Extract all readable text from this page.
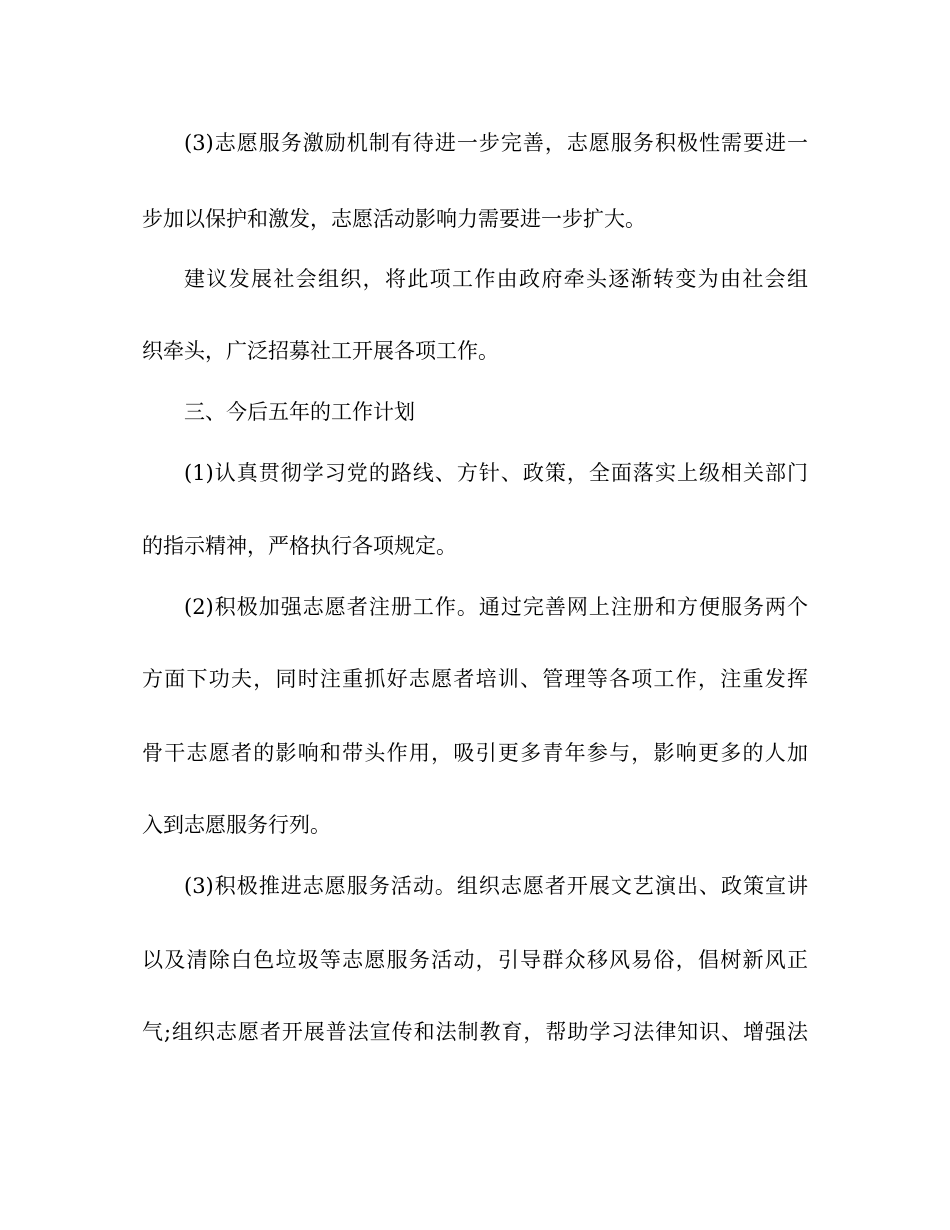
(3)志愿服务激励机制有待进一步完善，志愿服务积极性需要进一
步加以保护和激发，志愿活动影响力需要进一步扩大。
建议发展社会组织，将此项工作由政府牵头逐渐转变为由社会组
织牵头，广泛招募社工开展各项工作。
三、今后五年的工作计划
(1)认真贯彻学习党的路线、方针、政策，全面落实上级相关部门
的指示精神，严格执行各项规定。
(2)积极加强志愿者注册工作。通过完善网上注册和方便服务两个
方面下功夫，同时注重抓好志愿者培训、管理等各项工作，注重发挥
骨干志愿者的影响和带头作用，吸引更多青年参与，影响更多的人加
入到志愿服务行列。
(3)积极推进志愿服务活动。组织志愿者开展文艺演出、政策宣讲
以及清除白色垃圾等志愿服务活动，引导群众移风易俗，倡树新风正
气;组织志愿者开展普法宣传和法制教育，帮助学习法律知识、增强法
